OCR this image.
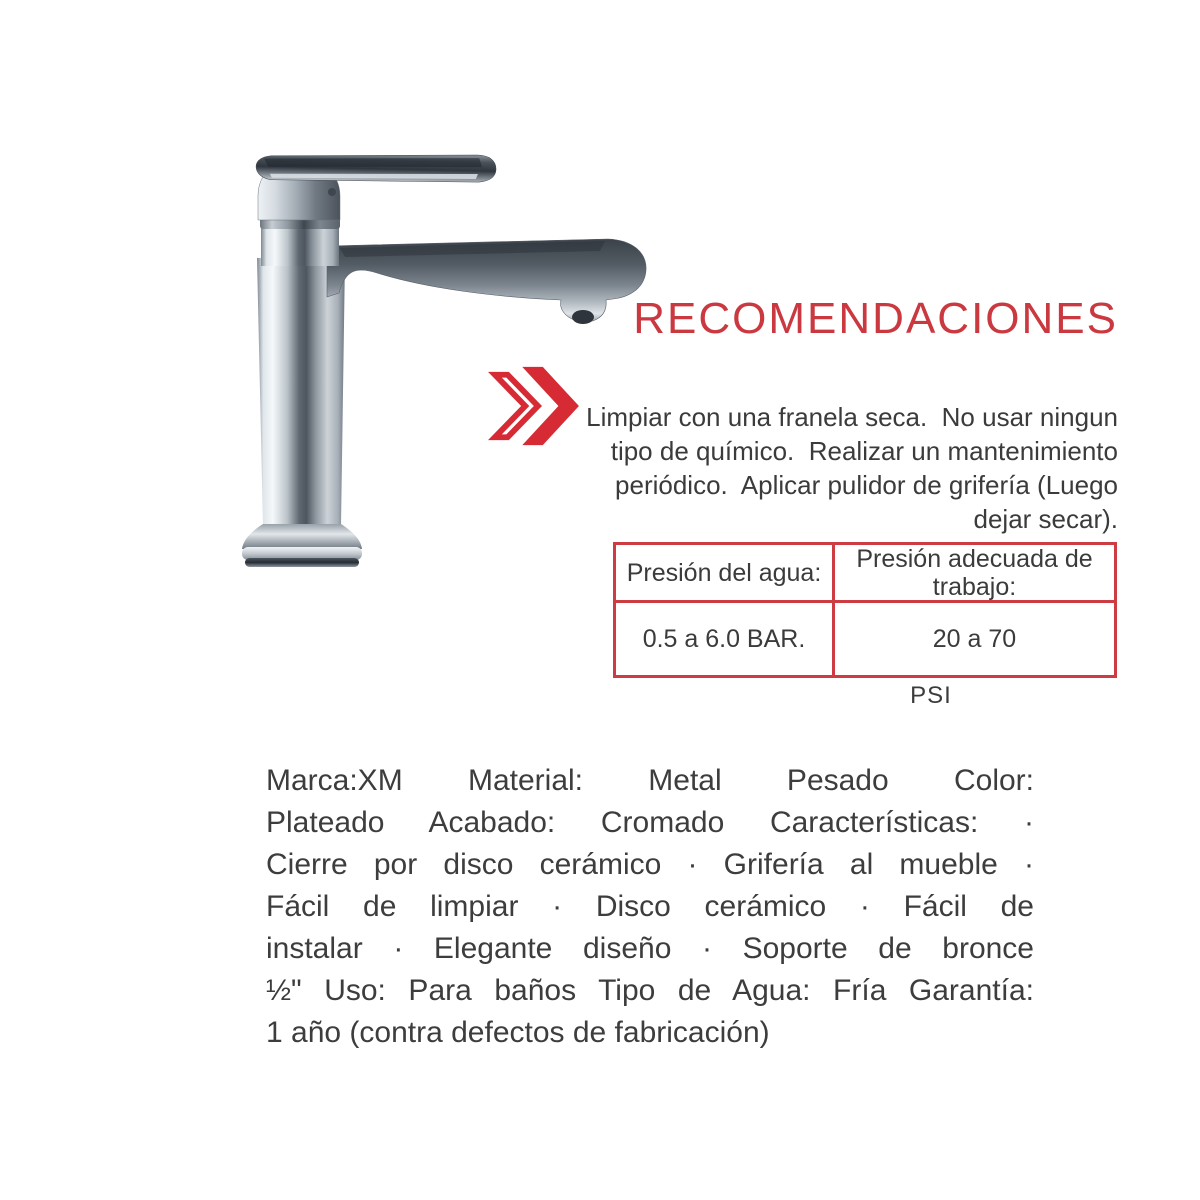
RECOMENDACIONES
Limpiar con una franela seca.  No usar ningun
tipo de químico.  Realizar un mantenimiento
periódico.  Aplicar pulidor de grifería (Luego
dejar secar).
Presión del agua: Presión adecuada de trabajo:
0.5 a 6.0 BAR.	20 a 70
PSI
Marca:XM Material: Metal Pesado Color:
Plateado Acabado: Cromado Características: ·
Cierre por disco cerámico · Grifería al mueble ·
Fácil de limpiar · Disco cerámico · Fácil de
instalar · Elegante diseño · Soporte de bronce
½" Uso: Para baños Tipo de Agua: Fría Garantía:
1 año (contra defectos de fabricación)
